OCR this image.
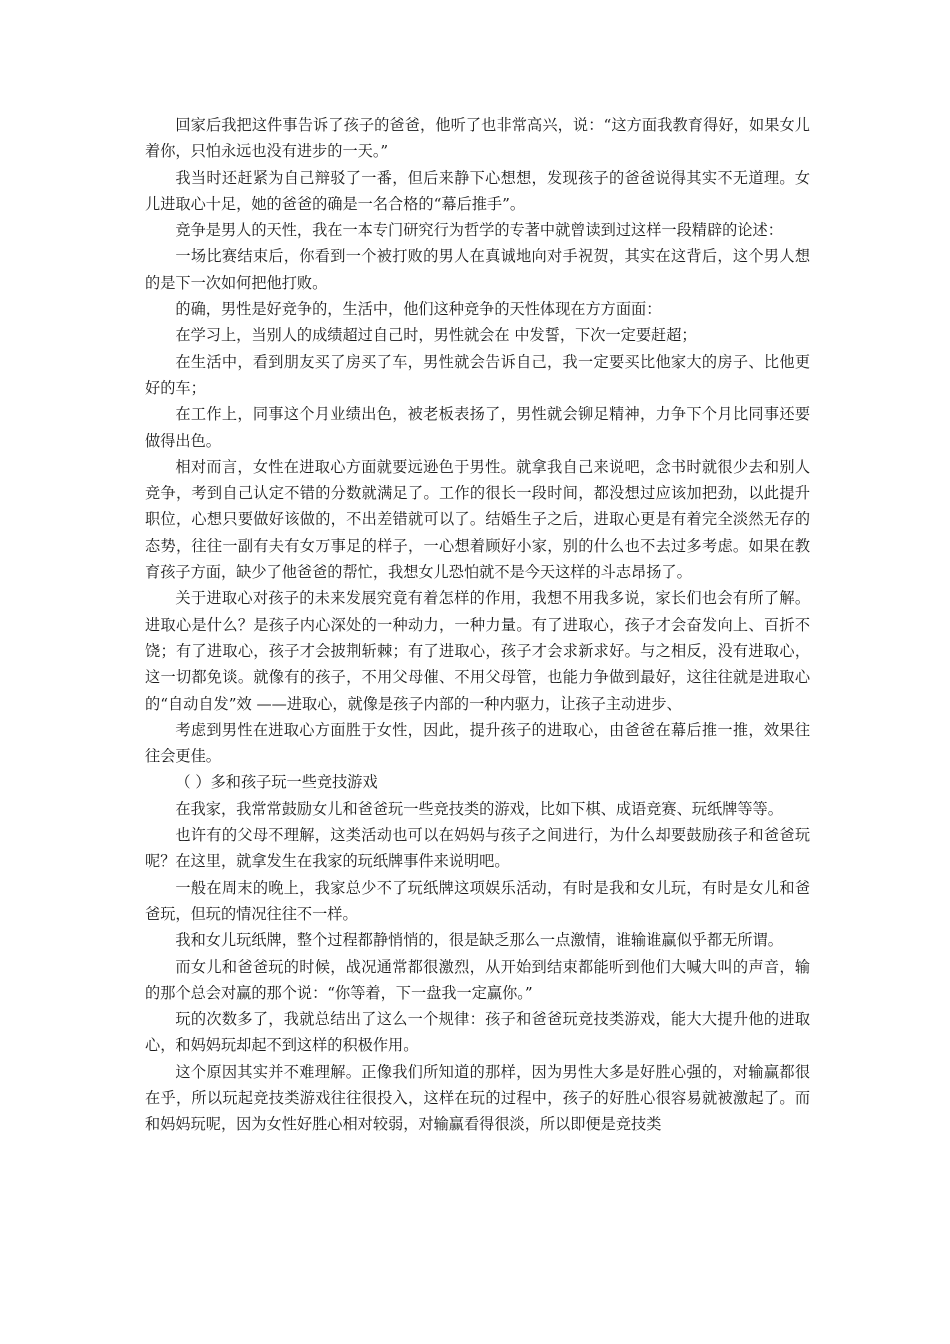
回家后我把这件事告诉了孩子的爸爸，他听了也非常高兴，说：“这方面我教育得好，如果女儿 着你，只怕永远也没有进步的一天。”

我当时还赶紧为自己辩驳了一番，但后来静下心想想，发现孩子的爸爸说得其实不无道理。女儿进取心十足，她的爸爸的确是一名合格的“幕后推手”。

竞争是男人的天性，我在一本专门研究行为哲学的专著中就曾读到过这样一段精辟的论述：

一场比赛结束后，你看到一个被打败的男人在真诚地向对手祝贺，其实在这背后，这个男人想的是下一次如何把他打败。

的确，男性是好竞争的，生活中，他们这种竞争的天性体现在方方面面：

在学习上，当别人的成绩超过自己时，男性就会在 中发誓，下次一定要赶超；

在生活中，看到朋友买了房买了车，男性就会告诉自己，我一定要买比他家大的房子、比他更好的车；

在工作上，同事这个月业绩出色，被老板表扬了，男性就会铆足精神，力争下个月比同事还要做得出色。

相对而言，女性在进取心方面就要远逊色于男性。就拿我自己来说吧，念书时就很少去和别人竞争，考到自己认定不错的分数就满足了。工作的很长一段时间，都没想过应该加把劲，以此提升职位，心想只要做好该做的，不出差错就可以了。结婚生子之后，进取心更是有着完全淡然无存的态势，往往一副有夫有女万事足的样子，一心想着顾好小家，别的什么也不去过多考虑。如果在教育孩子方面，缺少了他爸爸的帮忙，我想女儿恐怕就不是今天这样的斗志昂扬了。

关于进取心对孩子的未来发展究竟有着怎样的作用，我想不用我多说，家长们也会有所了解。进取心是什么？是孩子内心深处的一种动力，一种力量。有了进取心，孩子才会奋发向上、百折不饶；有了进取心，孩子才会披荆斩棘；有了进取心，孩子才会求新求好。与之相反，没有进取心，这一切都免谈。就像有的孩子，不用父母催、不用父母管，也能力争做到最好，这往往就是进取心的“自动自发”效 ——进取心，就像是孩子内部的一种内驱力，让孩子主动进步、

考虑到男性在进取心方面胜于女性，因此，提升孩子的进取心，由爸爸在幕后推一推，效果往往会更佳。

（ ）多和孩子玩一些竞技游戏

在我家，我常常鼓励女儿和爸爸玩一些竞技类的游戏，比如下棋、成语竞赛、玩纸牌等等。

也许有的父母不理解，这类活动也可以在妈妈与孩子之间进行，为什么却要鼓励孩子和爸爸玩呢？在这里，就拿发生在我家的玩纸牌事件来说明吧。

一般在周末的晚上，我家总少不了玩纸牌这项娱乐活动，有时是我和女儿玩，有时是女儿和爸爸玩，但玩的情况往往不一样。

我和女儿玩纸牌，整个过程都静悄悄的，很是缺乏那么一点激情，谁输谁赢似乎都无所谓。

而女儿和爸爸玩的时候，战况通常都很激烈，从开始到结束都能听到他们大喊大叫的声音，输的那个总会对赢的那个说：“你等着，下一盘我一定赢你。”

玩的次数多了，我就总结出了这么一个规律：孩子和爸爸玩竞技类游戏，能大大提升他的进取心，和妈妈玩却起不到这样的积极作用。

这个原因其实并不难理解。正像我们所知道的那样，因为男性大多是好胜心强的，对输赢都很在乎，所以玩起竞技类游戏往往很投入，这样在玩的过程中，孩子的好胜心很容易就被激起了。而和妈妈玩呢，因为女性好胜心相对较弱，对输赢看得很淡，所以即便是竞技类
